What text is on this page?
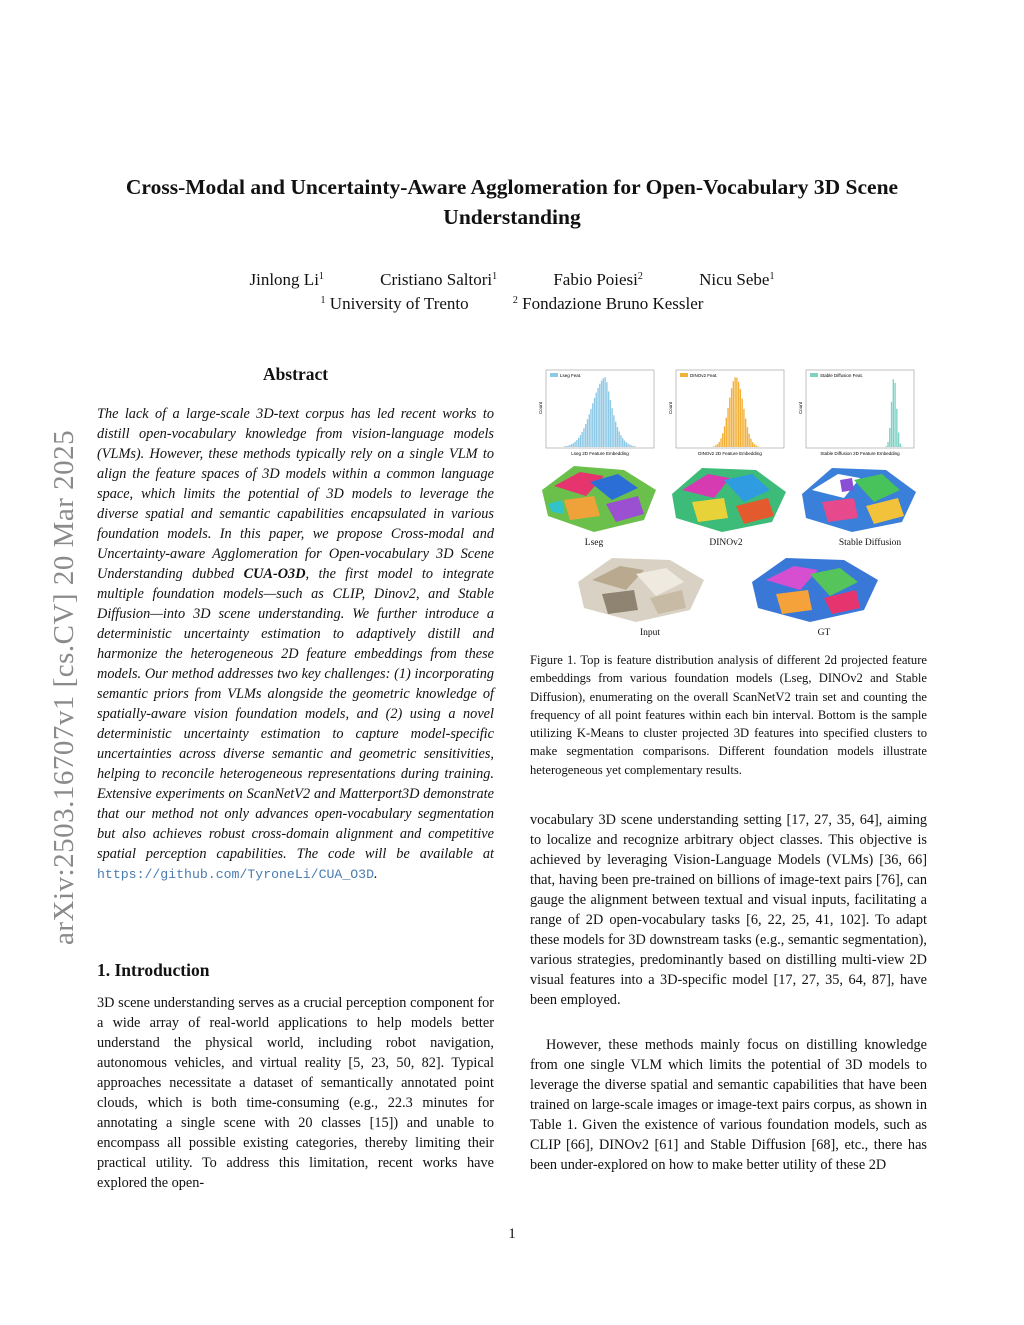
Cross-Modal and Uncertainty-Aware Agglomeration for Open-Vocabulary 3D Scene Understanding
Jinlong Li$^1$	Cristiano Saltori$^1$	Fabio Poiesi$^2$	Nicu Sebe$^1$
$^1$ University of Trento	$^2$ Fondazione Bruno Kessler
arXiv:2503.16707v1 [cs.CV] 20 Mar 2025
Abstract
The lack of a large-scale 3D-text corpus has led recent works to distill open-vocabulary knowledge from vision-language models (VLMs). However, these methods typically rely on a single VLM to align the feature spaces of 3D models within a common language space, which limits the potential of 3D models to leverage the diverse spatial and semantic capabilities encapsulated in various foundation models. In this paper, we propose Cross-modal and Uncertainty-aware Agglomeration for Open-vocabulary 3D Scene Understanding dubbed CUA-O3D, the first model to integrate multiple foundation models—such as CLIP, Dinov2, and Stable Diffusion—into 3D scene understanding. We further introduce a deterministic uncertainty estimation to adaptively distill and harmonize the heterogeneous 2D feature embeddings from these models. Our method addresses two key challenges: (1) incorporating semantic priors from VLMs alongside the geometric knowledge of spatially-aware vision foundation models, and (2) using a novel deterministic uncertainty estimation to capture model-specific uncertainties across diverse semantic and geometric sensitivities, helping to reconcile heterogeneous representations during training. Extensive experiments on ScanNetV2 and Matterport3D demonstrate that our method not only advances open-vocabulary segmentation but also achieves robust cross-domain alignment and competitive spatial perception capabilities. The code will be available at https://github.com/TyroneLi/CUA_O3D.
1. Introduction
3D scene understanding serves as a crucial perception component for a wide array of real-world applications to help models better understand the physical world, including robot navigation, autonomous vehicles, and virtual reality [5, 23, 50, 82]. Typical approaches necessitate a dataset of semantically annotated point clouds, which is both time-consuming (e.g., 22.3 minutes for annotating a single scene with 20 classes [15]) and unable to encompass all possible existing categories, thereby limiting their practical utility. To address this limitation, recent works have explored the open-
Lseg Feat.
Lseg 2D Feature Embedding
Count
DINOv2 Feat.
DINOv2 2D Feature Embedding
Count
Stable Diffusion Feat.
Stable Diffusion 2D Feature Embedding
Count
Lseg	DINOv2	Stable Diffusion
Input	GT
Figure 1. Top is feature distribution analysis of different 2d projected feature embeddings from various foundation models (Lseg, DINOv2 and Stable Diffusion), enumerating on the overall ScanNetV2 train set and counting the frequency of all point features within each bin interval. Bottom is the sample utilizing K-Means to cluster projected 3D features into specified clusters to make segmentation comparisons. Different foundation models illustrate heterogeneous yet complementary results.
vocabulary 3D scene understanding setting [17, 27, 35, 64], aiming to localize and recognize arbitrary object classes. This objective is achieved by leveraging Vision-Language Models (VLMs) [36, 66] that, having been pre-trained on billions of image-text pairs [76], can gauge the alignment between textual and visual inputs, facilitating a range of 2D open-vocabulary tasks [6, 22, 25, 41, 102]. To adapt these models for 3D downstream tasks (e.g., semantic segmentation), various strategies, predominantly based on distilling multi-view 2D visual features into a 3D-specific model [17, 27, 35, 64, 87], have been employed.
However, these methods mainly focus on distilling knowledge from one single VLM which limits the potential of 3D models to leverage the diverse spatial and semantic capabilities that have been trained on large-scale images or image-text pairs corpus, as shown in Table 1. Given the existence of various foundation models, such as CLIP [66], DINOv2 [61] and Stable Diffusion [68], etc., there has been under-explored on how to make better utility of these 2D
1
